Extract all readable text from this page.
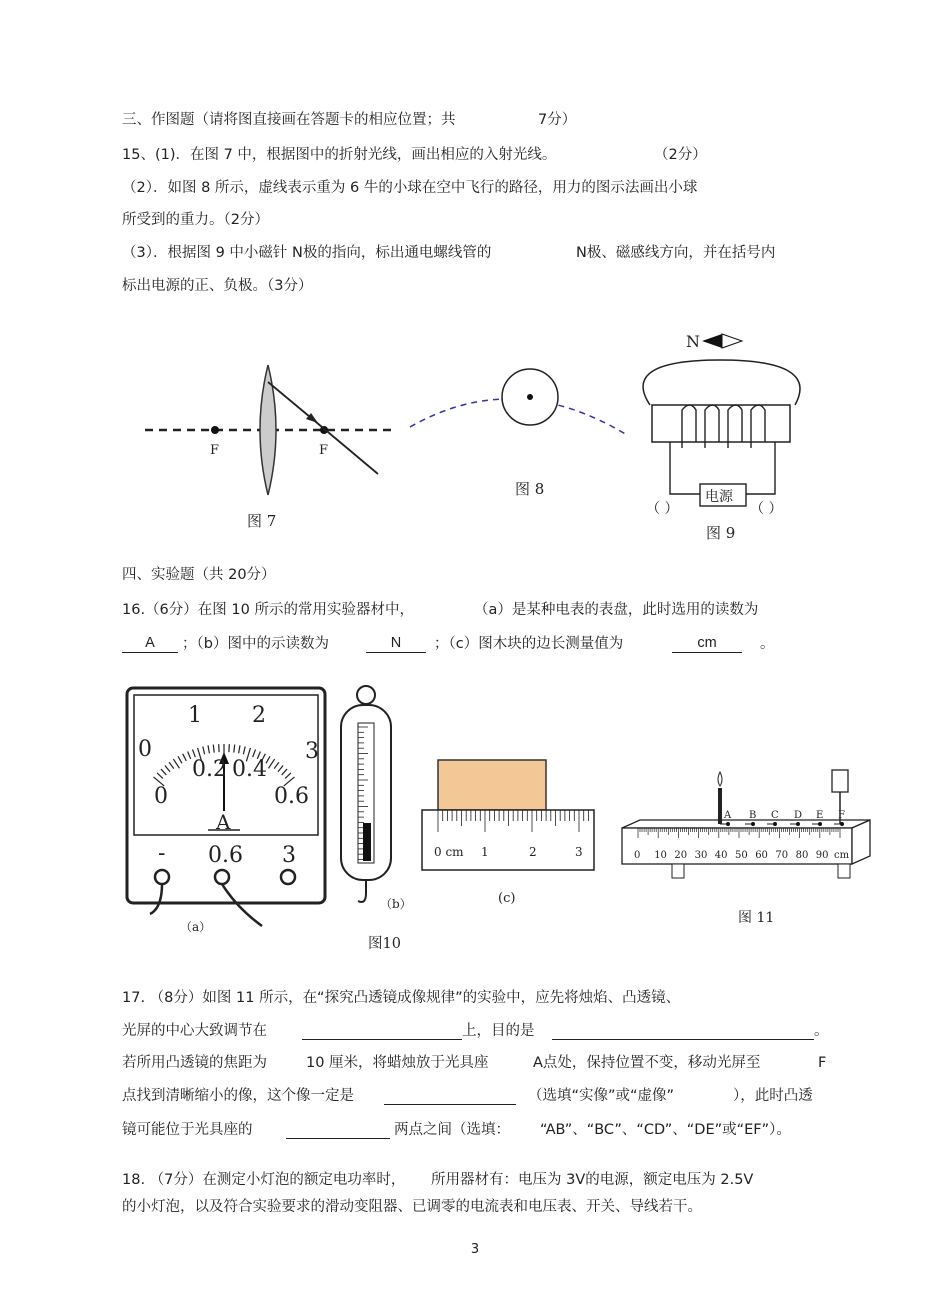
三、作图题（请将图直接画在答题卡的相应位置；共	7分）
15、(1)．在图 7 中，根据图中的折射光线，画出相应的入射光线。	（2分）
（2）．如图 8 所示，虚线表示重为 6 牛的小球在空中飞行的路径，用力的图示法画出小球
所受到的重力。（2分）
（3）．根据图 9 中小磁针 N极的指向，标出通电螺线管的	N极、磁感线方向，并在括号内
标出电源的正、负极。（3分）
F	F
图 7
图 8
N
电源
（ ）	（ ）
图 9
四、实验题（共 20分）
16.（6分）在图 10 所示的常用实验器材中，	（a）是某种电表的表盘，此时选用的读数为
A	；（b）图中的示读数为	N	；（c）图木块的边长测量值为	cm	。
1 2
0	3
0.2 0.4
0	0.6
A
- 0.6 3
（a）
（b）
0 cm 1	2	3
(c)
图10
0 10 20 30 40 50 60 70 80 90 cm
A B C D E F
图 11
17. （8分）如图 11 所示，在“探究凸透镜成像规律”的实验中，应先将烛焰、凸透镜、
光屏的中心大致调节在	上，目的是	。
若所用凸透镜的焦距为	10 厘米，将蜡烛放于光具座	A点处，保持位置不变，移动光屏至	F
点找到清晰缩小的像，这个像一定是	（选填“实像”或“虚像”	），此时凸透
镜可能位于光具座的	两点之间（选填： “AB”、“BC”、“CD”、“DE”或“EF”）。
18. （7分）在测定小灯泡的额定电功率时， 所用器材有：电压为 3V的电源，额定电压为 2.5V
的小灯泡，以及符合实验要求的滑动变阻器、已调零的电流表和电压表、开关、导线若干。
3
